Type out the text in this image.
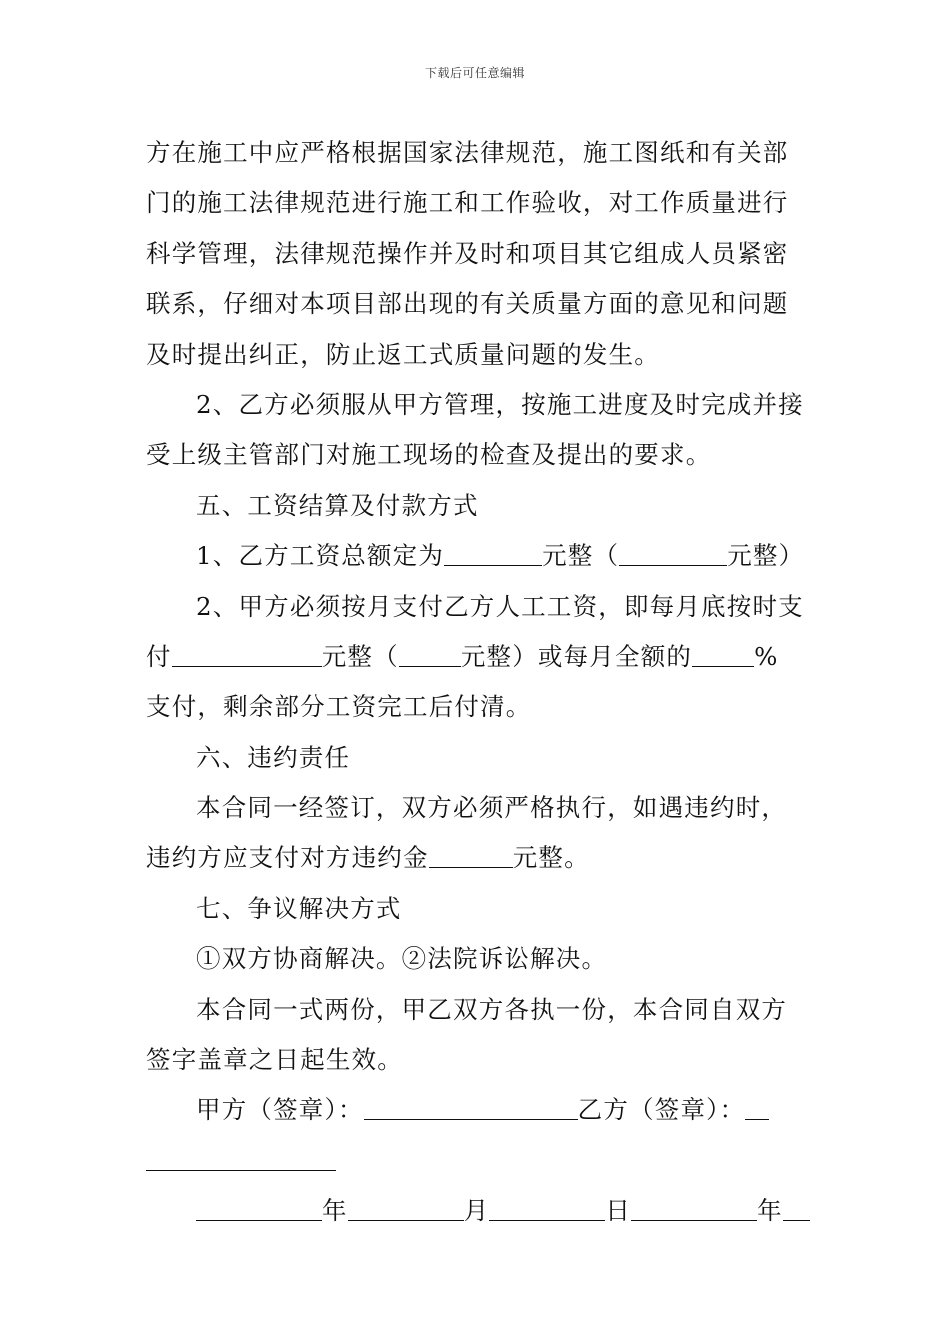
下载后可任意编辑
方在施工中应严格根据国家法律规范，施工图纸和有关部
门的施工法律规范进行施工和工作验收，对工作质量进行
科学管理，法律规范操作并及时和项目其它组成人员紧密
联系，仔细对本项目部出现的有关质量方面的意见和问题
及时提出纠正，防止返工式质量问题的发生。
2、乙方必须服从甲方管理，按施工进度及时完成并接
受上级主管部门对施工现场的检查及提出的要求。
五、工资结算及付款方式
1、乙方工资总额定为	元整（	元整）
2、甲方必须按月支付乙方人工工资，即每月底按时支
付	元整（	元整）或每月全额的	%
支付，剩余部分工资完工后付清。
六、违约责任
本合同一经签订，双方必须严格执行，如遇违约时，
违约方应支付对方违约金	元整。
七、争议解决方式
①双方协商解决。②法院诉讼解决。
本合同一式两份，甲乙双方各执一份，本合同自双方
签字盖章之日起生效。
甲方（签章）：	乙方（签章）：
年	月	日	年
